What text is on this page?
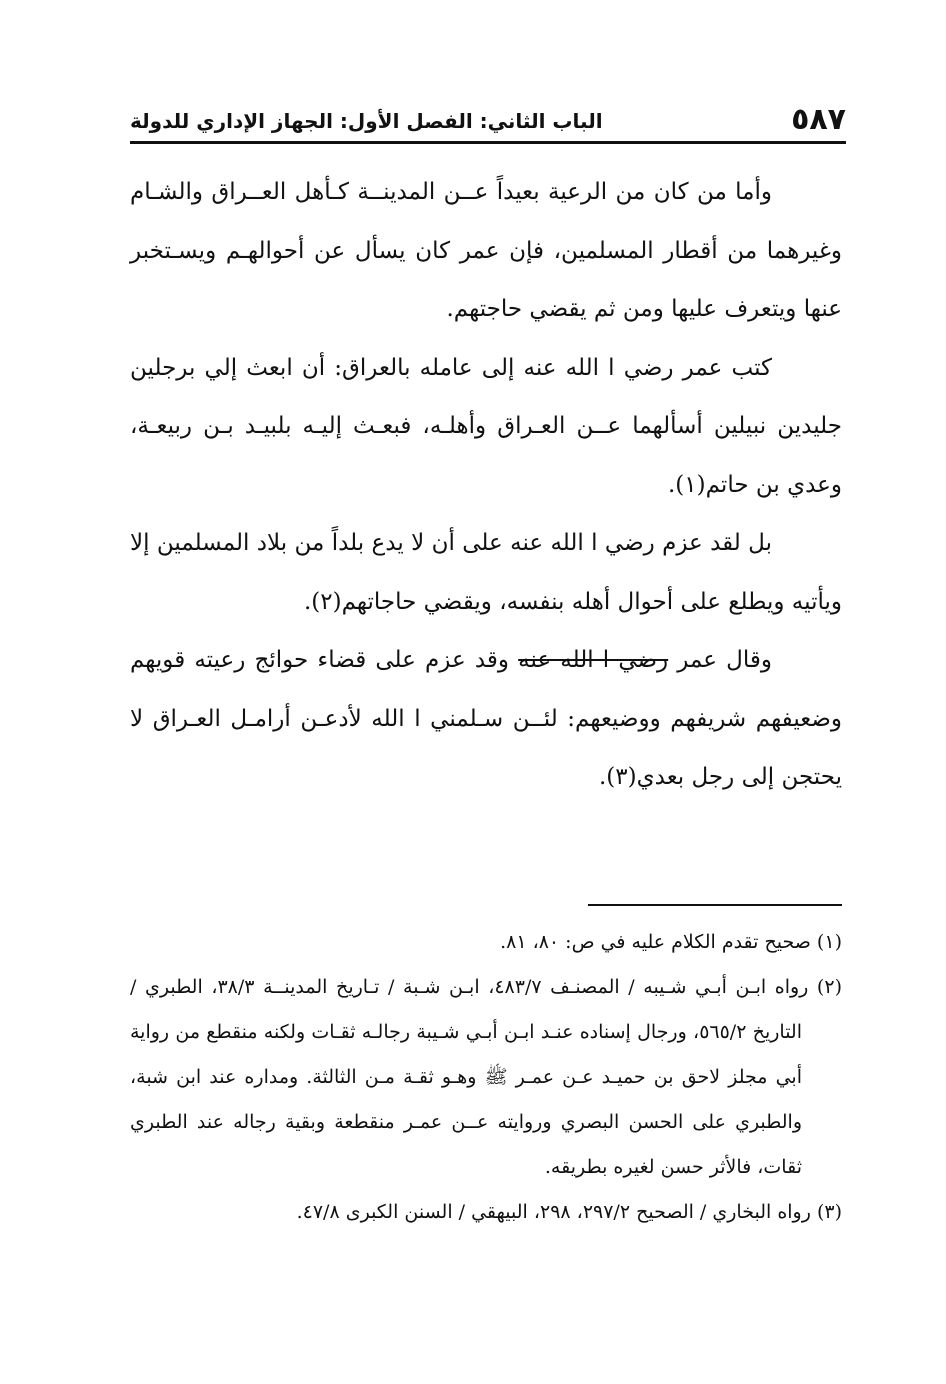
٥٨٧
الباب الثاني: الفصل الأول: الجهاز الإداري للدولة

وأما من كان من الرعية بعيداً عــن المدينــة كـأهل العــراق والشـام وغيرهما من أقطار المسلمين، فإن عمر كان يسأل عن أحوالهـم ويسـتخبر عنها ويتعرف عليها ومن ثم يقضي حاجتهم.

كتب عمر رضي ا الله عنه إلى عامله بالعراق: أن ابعث إلي برجلين جليدين نبيلين أسألهما عــن العـراق وأهلـه، فبعـث إليـه بلبيـد بـن ربيعـة، وعدي بن حاتم(١).

بل لقد عزم رضي ا الله عنه على أن لا يدع بلداً من بلاد المسلمين إلا ويأتيه ويطلع على أحوال أهله بنفسه، ويقضي حاجاتهم(٢).

وقال عمر رضي ا الله عنه وقد عزم على قضاء حوائج رعيته قويهم وضعيفهم شريفهم ووضيعهم: لئــن سـلمني ا الله لأدعـن أرامـل العـراق لا يحتجن إلى رجل بعدي(٣).

(١) صحيح تقدم الكلام عليه في ص: ٨٠، ٨١.

(٢) رواه ابـن أبـي شـيبه / المصنـف ٤٨٣/٧، ابـن شـبة / تـاريخ المدينــة ٣٨/٣، الطبري / التاريخ ٥٦٥/٢، ورجال إسناده عنـد ابـن أبـي شـيبة رجالـه ثقـات ولكنه منقطع من رواية أبي مجلز لاحق بن حميـد عـن عمـر ﷺ وهـو ثقـة مـن الثالثة. ومداره عند ابن شبة، والطبري على الحسن البصري وروايته عــن عمـر منقطعة وبقية رجاله عند الطبري ثقات، فالأثر حسن لغيره بطريقه.

(٣) رواه البخاري / الصحيح ٢٩٧/٢، ٢٩٨، البيهقي / السنن الكبرى ٤٧/٨.
